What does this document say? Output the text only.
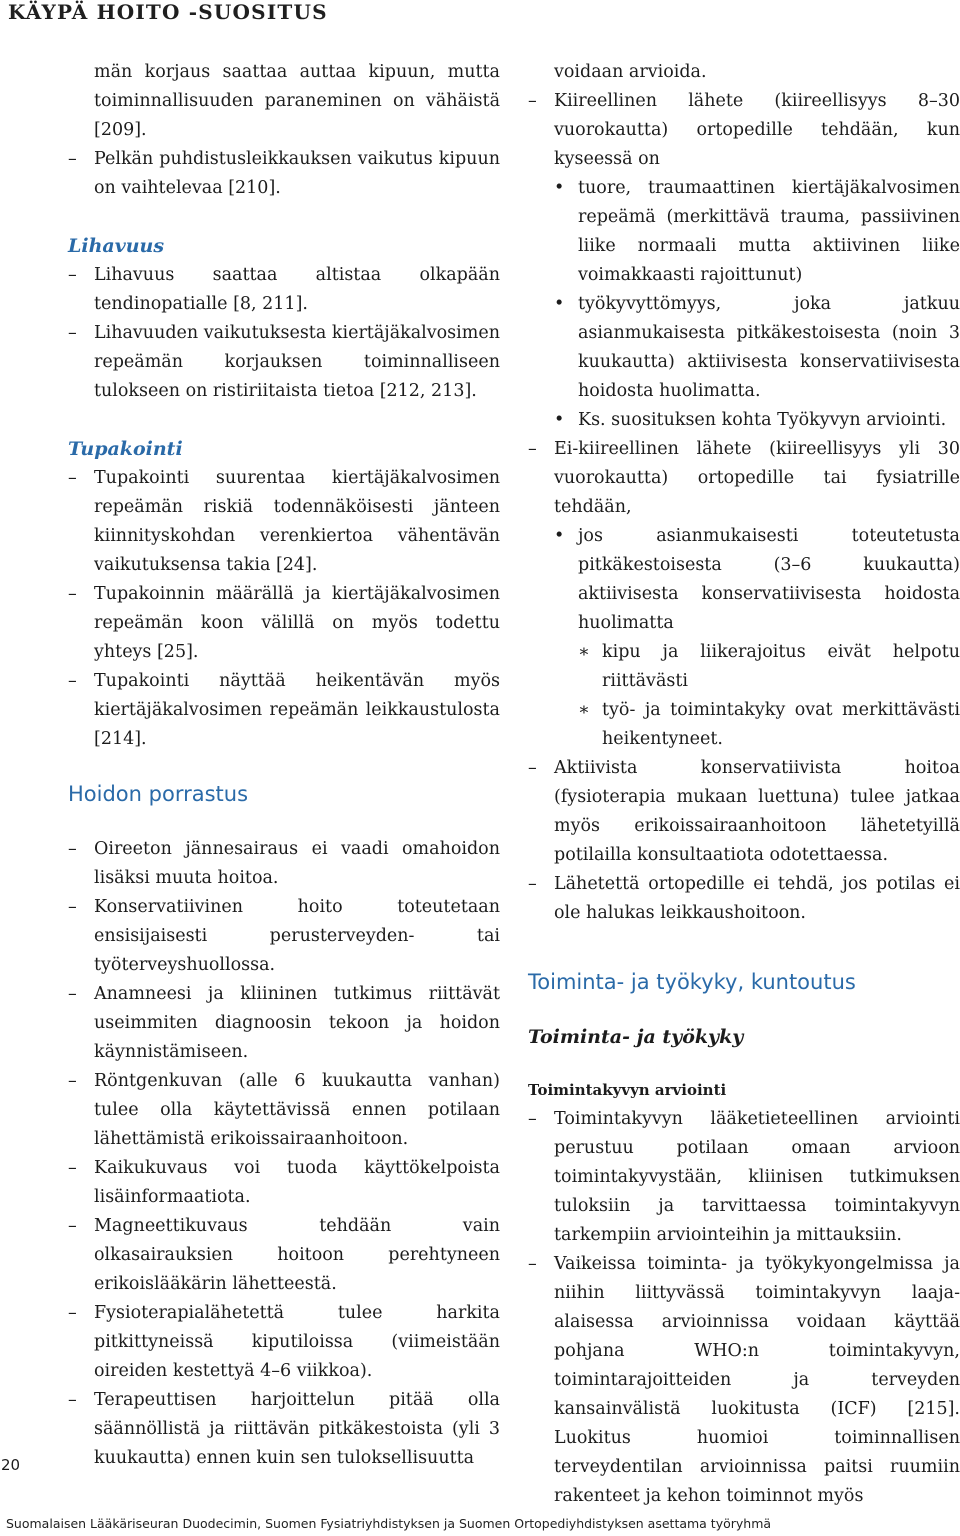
KÄYPÄ HOITO -SUOSITUS

män korjaus saattaa auttaa kipuun, mutta toiminnallisuuden paraneminen on vähäistä [209].

– Pelkän puhdistusleikkauksen vaikutus kipuun on vaihtelevaa [210].

Lihavuus

– Lihavuus saattaa altistaa olkapään tendinopatialle [8, 211].

– Lihavuuden vaikutuksesta kiertäjäkalvosimen repeämän korjauksen toiminnalliseen tulokseen on ristiriitaista tietoa [212, 213].

Tupakointi

– Tupakointi suurentaa kiertäjäkalvosimen repeämän riskiä todennäköisesti jänteen kiinnityskohdan verenkiertoa vähentävän vaikutuksensa takia [24].

– Tupakoinnin määrällä ja kiertäjäkalvosimen repeämän koon välillä on myös todettu yhteys [25].

– Tupakointi näyttää heikentävän myös kiertäjäkalvosimen repeämän leikkaustulosta [214].

Hoidon porrastus

– Oireeton jännesairaus ei vaadi omahoidon lisäksi muuta hoitoa.

– Konservatiivinen hoito toteutetaan ensisijaisesti perusterveyden- tai työterveyshuollossa.

– Anamneesi ja kliininen tutkimus riittävät useimmiten diagnoosin tekoon ja hoidon käynnistämiseen.

– Röntgenkuvan (alle 6 kuukautta vanhan) tulee olla käytettävissä ennen potilaan lähettämistä erikoissairaanhoitoon.

– Kaikukuvaus voi tuoda käyttökelpoista lisäinformaatiota.

– Magneettikuvaus tehdään vain olkasairauksien hoitoon perehtyneen erikoislääkärin lähetteestä.

– Fysioterapialähetettä tulee harkita pitkittyneissä kiputiloissa (viimeistään oireiden kestettyä 4–6 viikkoa).

– Terapeuttisen harjoittelun pitää olla säännöllistä ja riittävän pitkäkestoista (yli 3 kuukautta) ennen kuin sen tuloksellisuutta

voidaan arvioida.

– Kiireellinen lähete (kiireellisyys 8–30 vuorokautta) ortopedille tehdään, kun kyseessä on

• tuore, traumaattinen kiertäjäkalvosimen repeämä (merkittävä trauma, passiivinen liike normaali mutta aktiivinen liike voimakkaasti rajoittunut)

• työkyvyttömyys, joka jatkuu asianmukaisesta pitkäkestoisesta (noin 3 kuukautta) aktiivisesta konservatiivisesta hoidosta huolimatta.

• Ks. suosituksen kohta Työkyvyn arviointi.

– Ei-kiireellinen lähete (kiireellisyys yli 30 vuorokautta) ortopedille tai fysiatrille tehdään,

• jos asianmukaisesti toteutetusta pitkäkestoisesta (3–6 kuukautta) aktiivisesta konservatiivisesta hoidosta huolimatta

∗ kipu ja liikerajoitus eivät helpotu riittävästi

∗ työ- ja toimintakyky ovat merkittävästi heikentyneet.

– Aktiivista konservatiivista hoitoa (fysioterapia mukaan luettuna) tulee jatkaa myös erikoissairaanhoitoon lähetetyillä potilailla konsultaatiota odotettaessa.

– Lähetettä ortopedille ei tehdä, jos potilas ei ole halukas leikkaushoitoon.

Toiminta- ja työkyky, kuntoutus

Toiminta- ja työkyky

Toimintakyvyn arviointi

– Toimintakyvyn lääketieteellinen arviointi perustuu potilaan omaan arvioon toimintakyvystään, kliinisen tutkimuksen tuloksiin ja tarvittaessa toimintakyvyn tarkempiin arviointeihin ja mittauksiin.

– Vaikeissa toiminta- ja työkykyongelmissa ja niihin liittyvässä toimintakyvyn laaja-alaisessa arvioinnissa voidaan käyttää pohjana WHO:n toimintakyvyn, toimintarajoitteiden ja terveyden kansainvälistä luokitusta (ICF) [215]. Luokitus huomioi toiminnallisen terveydentilan arvioinnissa paitsi ruumiin rakenteet ja kehon toiminnot myös

20
Suomalaisen Lääkäriseuran Duodecimin, Suomen Fysiatriyhdistyksen ja Suomen Ortopediyhdistyksen asettama työryhmä
